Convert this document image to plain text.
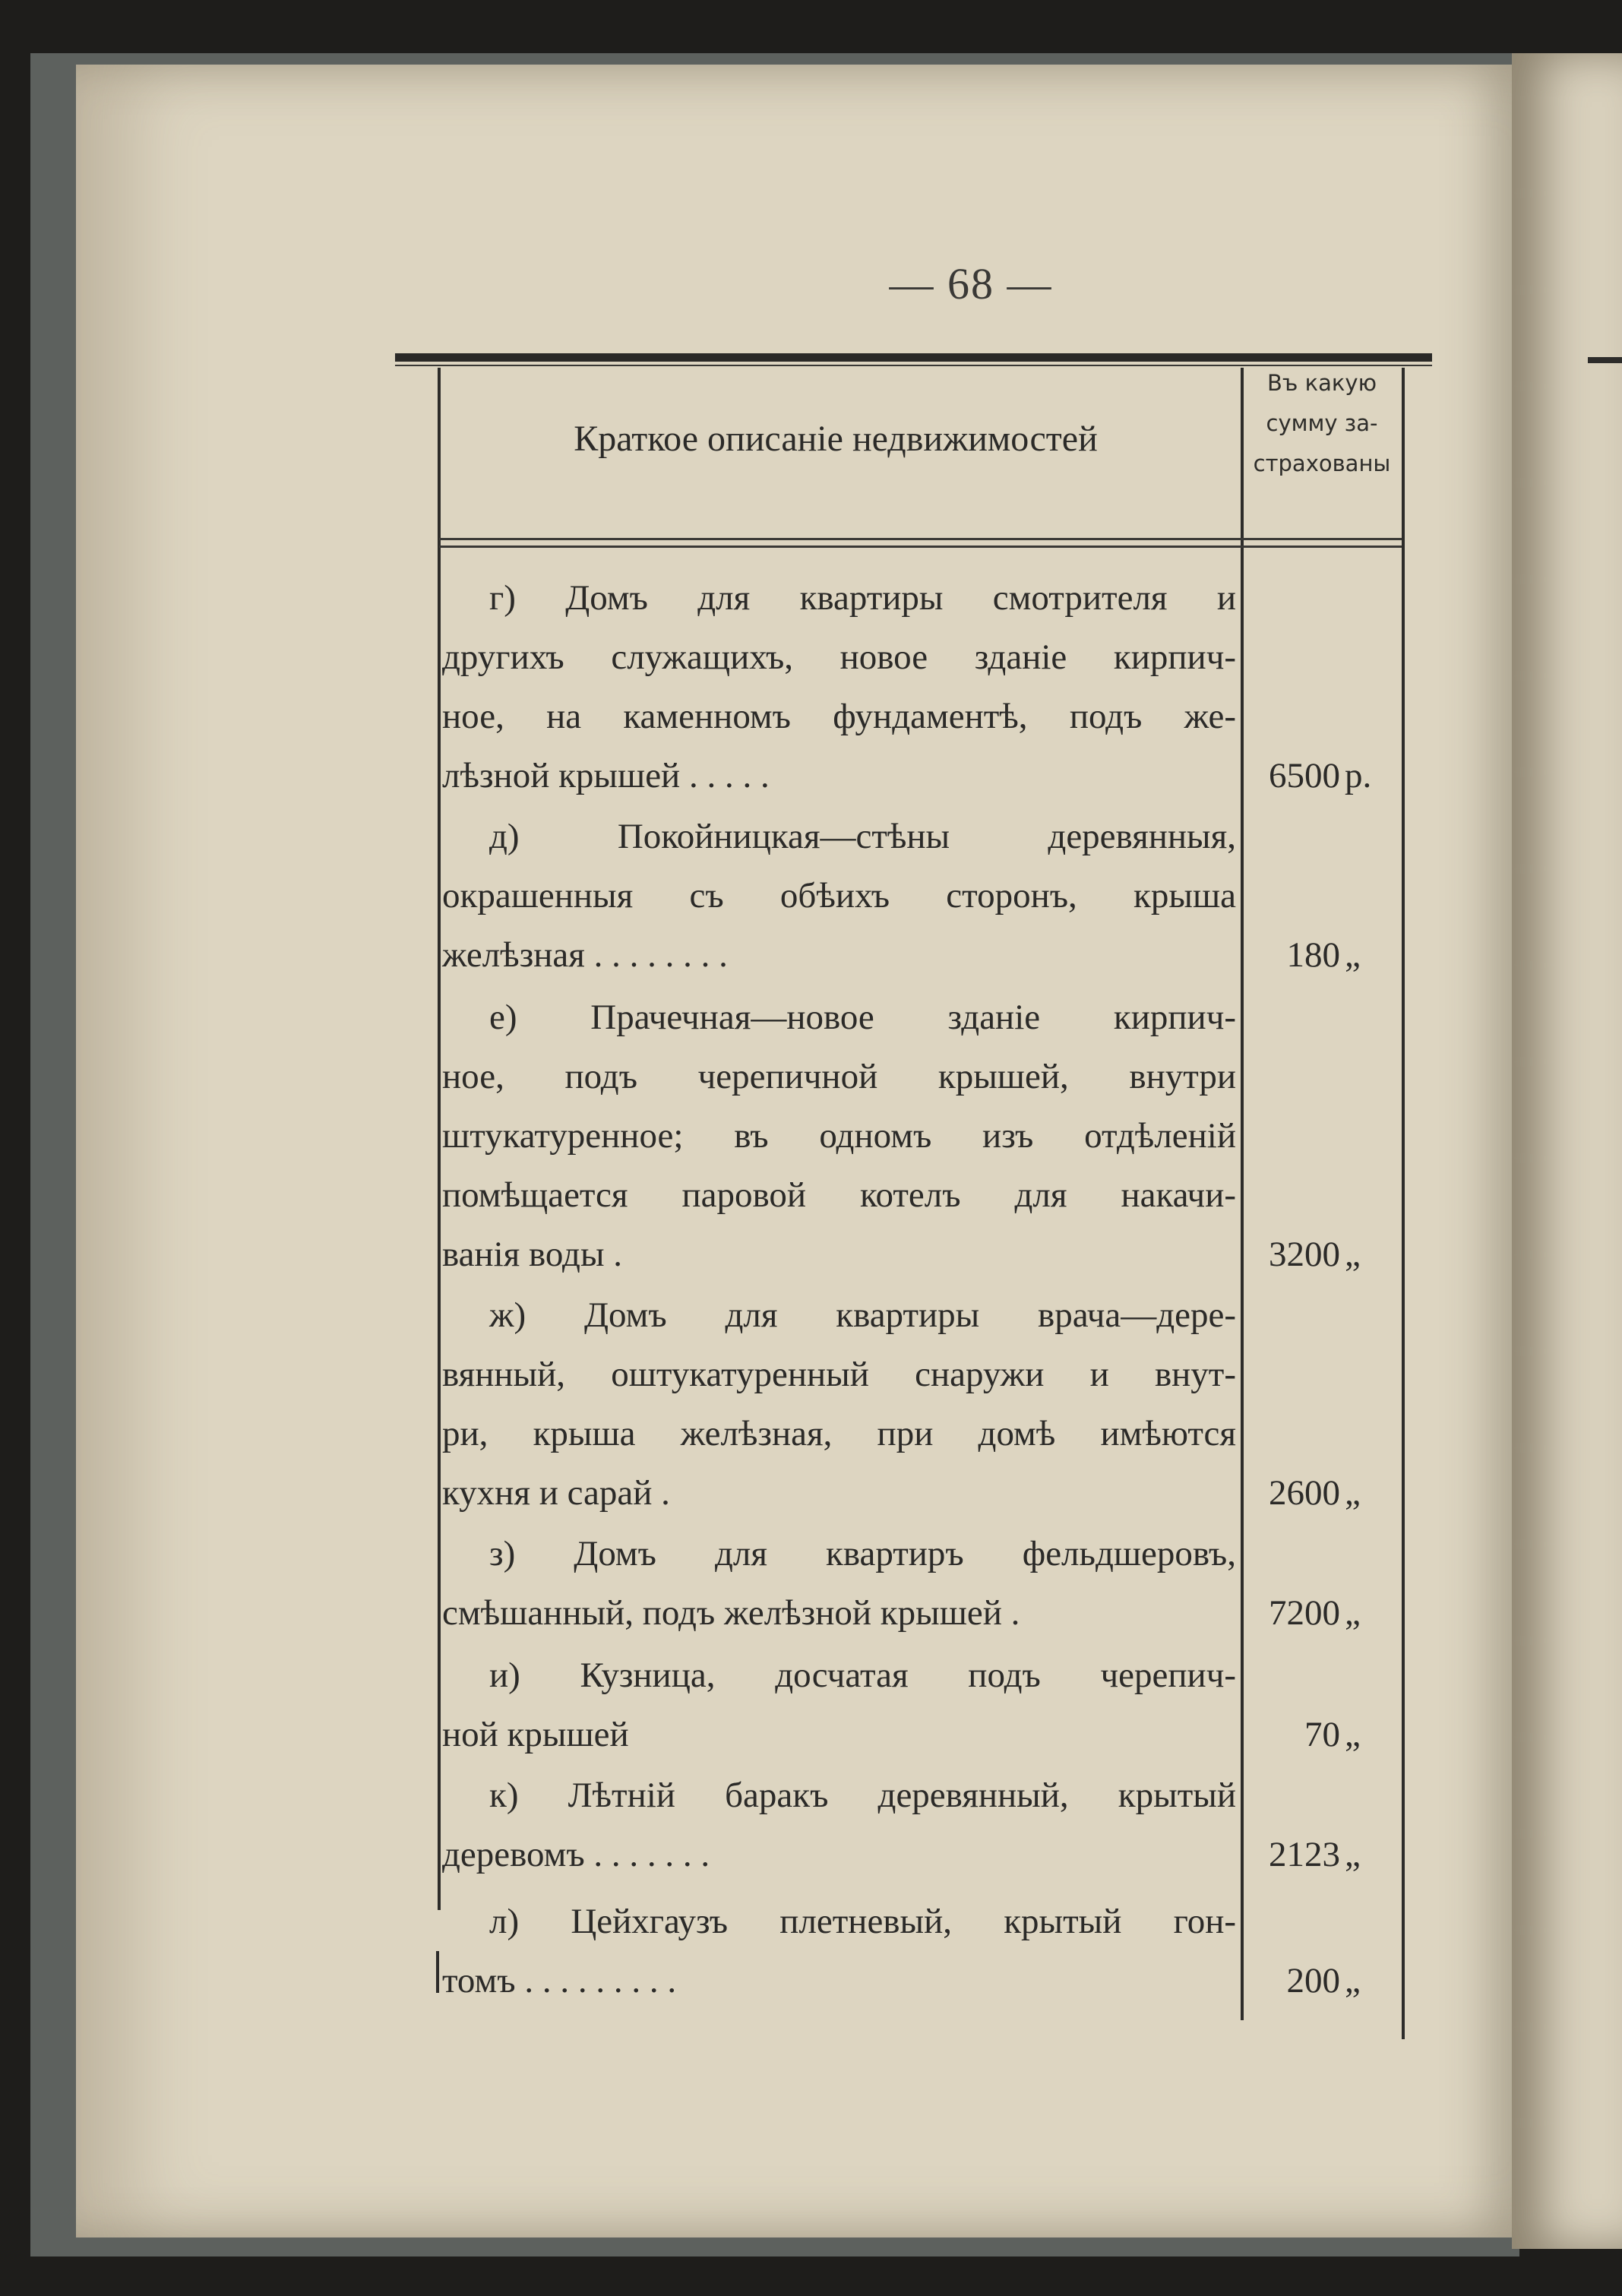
— 68 —
Краткое описаніе недвижимостей
Въ какую
сумму за-
страхованы
г) Домъ для квартиры смотрителя и
другихъ служащихъ, новое зданіе кирпич-
ное, на каменномъ фундаментѣ, подъ же-
лѣзной крышей . . . . .	6500 р.
д) Покойницкая—стѣны деревянныя,
окрашенныя съ обѣихъ сторонъ, крыша
желѣзная . . . . . . . .	180 „
е) Прачечная—новое зданіе кирпич-
ное, подъ черепичной крышей, внутри
штукатуренное; въ одномъ изъ отдѣленій
помѣщается паровой котелъ для накачи-
ванія воды .	3200 „
ж) Домъ для квартиры врача—дере-
вянный, оштукатуренный снаружи и внут-
ри, крыша желѣзная, при домѣ имѣются
кухня и сарай .	2600 „
з) Домъ для квартиръ фельдшеровъ,
смѣшанный, подъ желѣзной крышей .	7200 „
и) Кузница, досчатая подъ черепич-
ной крышей	70 „
к) Лѣтній баракъ деревянный, крытый
деревомъ . . . . . . .	2123 „
л) Цейхгаузъ плетневый, крытый гон-
томъ . . . . . . . . .	200 „
